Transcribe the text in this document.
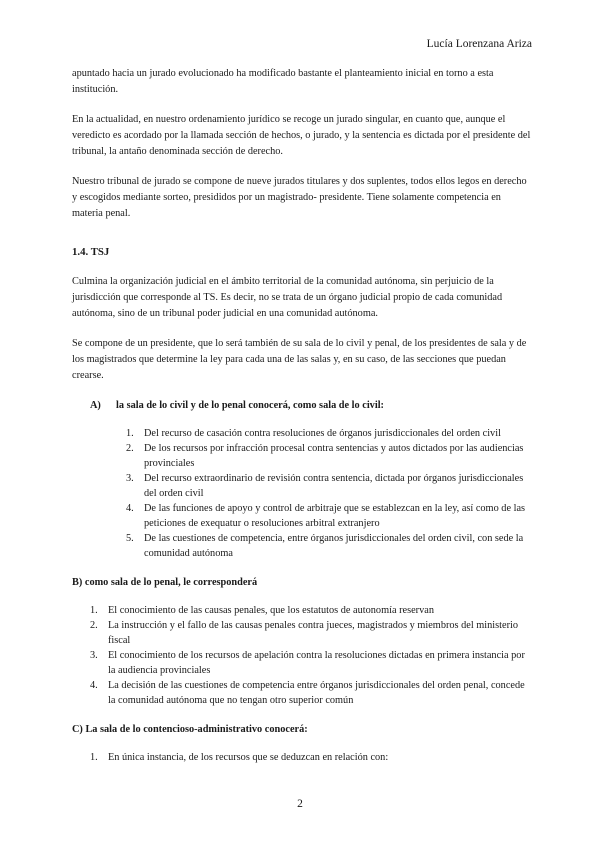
Lucía Lorenzana Ariza

apuntado hacia un jurado evolucionado ha modificado bastante el planteamiento inicial en torno a esta institución.

En la actualidad, en nuestro ordenamiento jurídico se recoge un jurado singular, en cuanto que, aunque el veredicto es acordado por la llamada sección de hechos, o jurado, y la sentencia es dictada por el presidente del tribunal, la antaño denominada sección de derecho.

Nuestro tribunal de jurado se compone de nueve jurados titulares y dos suplentes, todos ellos legos en derecho y escogidos mediante sorteo, presididos por un magistrado- presidente. Tiene solamente competencia en materia penal.

1.4. TSJ

Culmina la organización judicial en el ámbito territorial de la comunidad autónoma, sin perjuicio de la jurisdicción que corresponde al TS. Es decir, no se trata de un órgano judicial propio de cada comunidad autónoma, sino de un tribunal poder judicial en una comunidad autónoma.

Se compone de un presidente, que lo será también de su sala de lo civil y penal, de los presidentes de sala y de los magistrados que determine la ley para cada una de las salas y, en su caso, de las secciones que puedan crearse.

A) la sala de lo civil y de lo penal conocerá, como sala de lo civil:
1. Del recurso de casación contra resoluciones de órganos jurisdiccionales del orden civil
2. De los recursos por infracción procesal contra sentencias y autos dictados por las audiencias provinciales
3. Del recurso extraordinario de revisión contra sentencia, dictada por órganos jurisdiccionales del orden civil
4. De las funciones de apoyo y control de arbitraje que se establezcan en la ley, así como de las peticiones de exequatur o resoluciones arbitral extranjero
5. De las cuestiones de competencia, entre órganos jurisdiccionales del orden civil, con sede la comunidad autónoma
B) como sala de lo penal, le corresponderá
1. El conocimiento de las causas penales, que los estatutos de autonomía reservan
2. La instrucción y el fallo de las causas penales contra jueces, magistrados y miembros del ministerio fiscal
3. El conocimiento de los recursos de apelación contra la resoluciones dictadas en primera instancia por la audiencia provinciales
4. La decisión de las cuestiones de competencia entre órganos jurisdiccionales del orden penal, concede la comunidad autónoma que no tengan otro superior común
C) La sala de lo contencioso-administrativo conocerá:
1. En única instancia, de los recursos que se deduzcan en relación con:
2
